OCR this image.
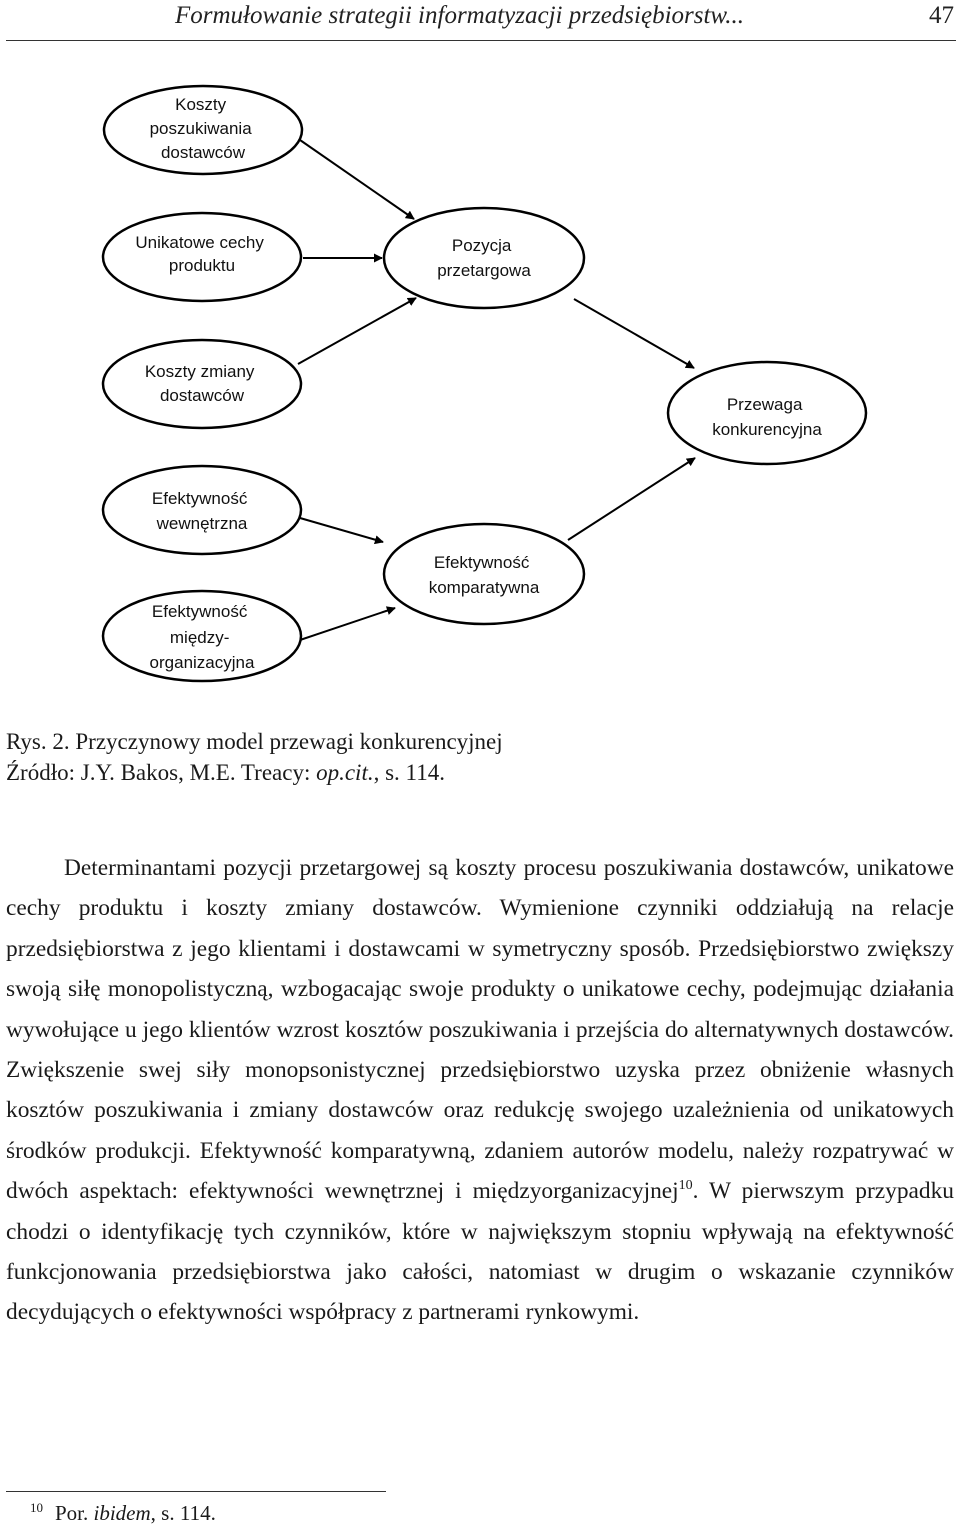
Formułowanie strategii informatyzacji przedsiębiorstw...	47
Koszty poszukiwania dostawców
Unikatowe cechy produktu
Koszty zmiany dostawców
Efektywność wewnętrzna
Efektywność między- organizacyjna
Pozycja przetargowa
Efektywność komparatywna
Przewaga konkurencyjna
Rys. 2. Przyczynowy model przewagi konkurencyjnej
Źródło: J.Y. Bakos, M.E. Treacy: op.cit., s. 114.

Determinantami pozycji przetargowej są koszty procesu poszukiwania dostawców, unikatowe cechy produktu i koszty zmiany dostawców. Wymienione czynniki oddziałują na relacje przedsiębiorstwa z jego klientami i dostawcami w symetryczny sposób. Przedsiębiorstwo zwiększy swoją siłę monopolistyczną, wzbogacając swoje produkty o unikatowe cechy, podejmując działania wywołujące u jego klientów wzrost kosztów poszukiwania i przejścia do alternatywnych dostawców. Zwiększenie swej siły monopsonistycznej przedsiębiorstwo uzyska przez obniżenie własnych kosztów poszukiwania i zmiany dostawców oraz redukcję swojego uzależnienia od unikatowych środków produkcji. Efektywność komparatywną, zdaniem autorów modelu, należy rozpatrywać w dwóch aspektach: efektywności wewnętrznej i międzyorganizacyjnej$^{10}$. W pierwszym przypadku chodzi o identyfikację tych czynników, które w największym stopniu wpływają na efektywność funkcjonowania przedsiębiorstwa jako całości, natomiast w drugim o wskazanie czynników decydujących o efektywności współpracy z partnerami rynkowymi.

$^{10}$ Por. ibidem, s. 114.
